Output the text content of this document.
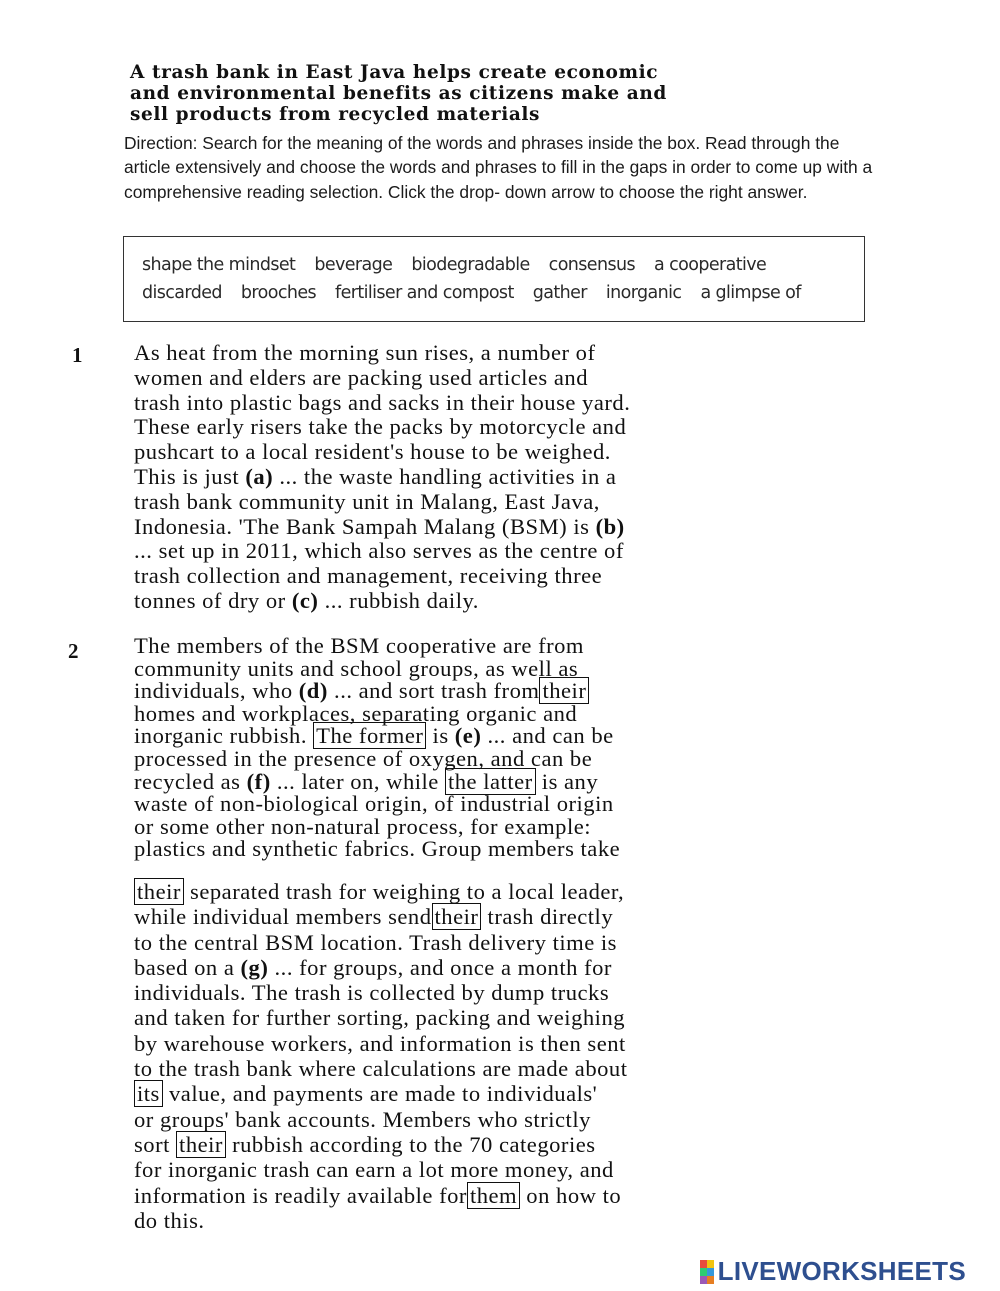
A trash bank in East Java helps create economic
and environmental benefits as citizens make and
sell products from recycled materials
Direction: Search for the meaning of the words and phrases inside the box. Read through the article extensively and choose the words and phrases to fill in the gaps in order to come up with a comprehensive reading selection. Click the drop- down arrow to choose the right answer.
shape the mindset beverage biodegradable consensus a cooperative
discarded brooches fertiliser and compost gather inorganic a glimpse of
1 As heat from the morning sun rises, a number of
women and elders are packing used articles and
trash into plastic bags and sacks in their house yard.
These early risers take the packs by motorcycle and
pushcart to a local resident's house to be weighed.
This is just (a) ... the waste handling activities in a
trash bank community unit in Malang, East Java,
Indonesia. 'The Bank Sampah Malang (BSM) is (b)
... set up in 2011, which also serves as the centre of
trash collection and management, receiving three
tonnes of dry or (c) ... rubbish daily.
2 The members of the BSM cooperative are from
community units and school groups, as well as
individuals, who (d) ... and sort trash from their
homes and workplaces, separating organic and
inorganic rubbish. The former is (e) ... and can be
processed in the presence of oxygen, and can be
recycled as (f) ... later on, while the latter is any
waste of non-biological origin, of industrial origin
or some other non-natural process, for example:
plastics and synthetic fabrics. Group members take
their separated trash for weighing to a local leader,
while individual members send their trash directly
to the central BSM location. Trash delivery time is
based on a (g) ... for groups, and once a month for
individuals. The trash is collected by dump trucks
and taken for further sorting, packing and weighing
by warehouse workers, and information is then sent
to the trash bank where calculations are made about
its value, and payments are made to individuals'
or groups' bank accounts. Members who strictly
sort their rubbish according to the 70 categories
for inorganic trash can earn a lot more money, and
information is readily available for them on how to
do this.
LIVEWORKSHEETS
